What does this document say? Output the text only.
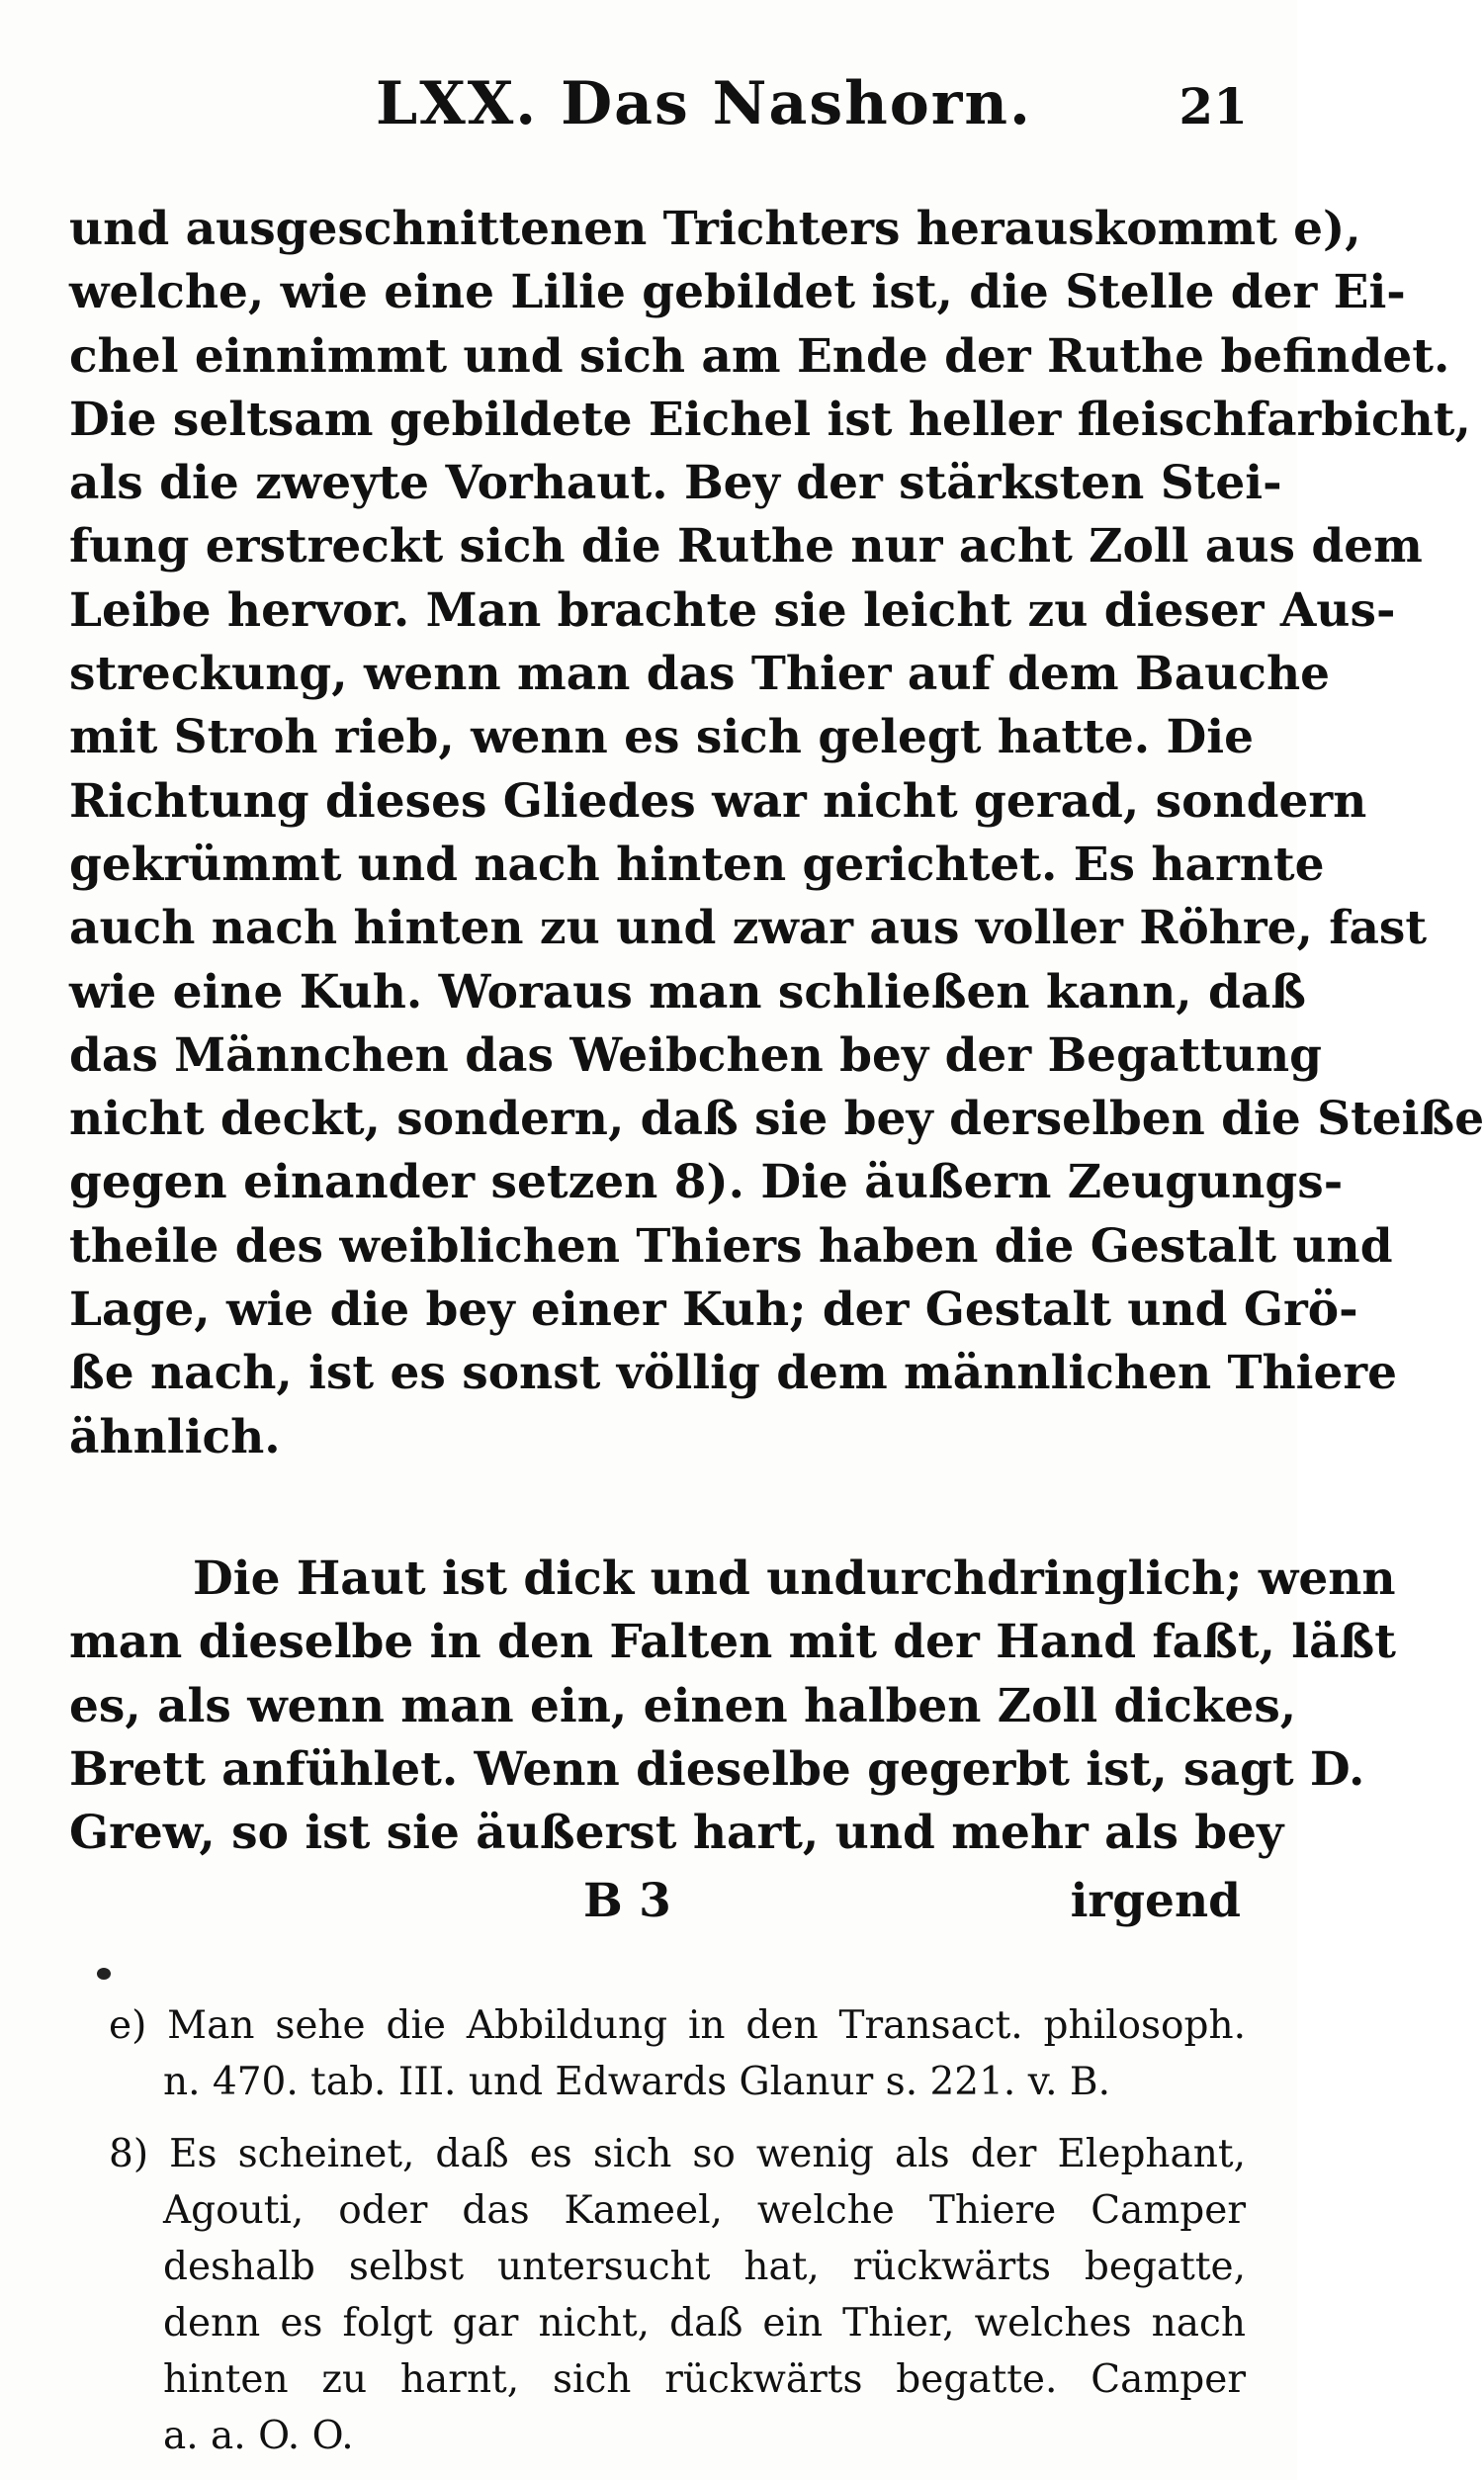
LXX. Das Nashorn.	21
und ausgeschnittenen Trichters herauskommt e),
welche, wie eine Lilie gebildet ist, die Stelle der Ei-
chel einnimmt und sich am Ende der Ruthe befindet.
Die seltsam gebildete Eichel ist heller fleischfarbicht,
als die zweyte Vorhaut. Bey der stärksten Stei-
fung erstreckt sich die Ruthe nur acht Zoll aus dem
Leibe hervor. Man brachte sie leicht zu dieser Aus-
streckung, wenn man das Thier auf dem Bauche
mit Stroh rieb, wenn es sich gelegt hatte. Die
Richtung dieses Gliedes war nicht gerad, sondern
gekrümmt und nach hinten gerichtet. Es harnte
auch nach hinten zu und zwar aus voller Röhre, fast
wie eine Kuh. Woraus man schließen kann, daß
das Männchen das Weibchen bey der Begattung
nicht deckt, sondern, daß sie bey derselben die Steiße
gegen einander setzen 8). Die äußern Zeugungs-
theile des weiblichen Thiers haben die Gestalt und
Lage, wie die bey einer Kuh; der Gestalt und Grö-
ße nach, ist es sonst völlig dem männlichen Thiere
ähnlich.
Die Haut ist dick und undurchdringlich; wenn
man dieselbe in den Falten mit der Hand faßt, läßt
es, als wenn man ein, einen halben Zoll dickes,
Brett anfühlet. Wenn dieselbe gegerbt ist, sagt D.
Grew, so ist sie äußerst hart, und mehr als bey
B 3	irgend
e) Man sehe die Abbildung in den Transact. philosoph.
n. 470. tab. III. und Edwards Glanur s. 221. v. B.
8) Es scheinet, daß es sich so wenig als der Elephant,
Agouti, oder das Kameel, welche Thiere Camper
deshalb selbst untersucht hat, rückwärts begatte,
denn es folgt gar nicht, daß ein Thier, welches nach
hinten zu harnt, sich rückwärts begatte. Camper
a. a. O. O.
